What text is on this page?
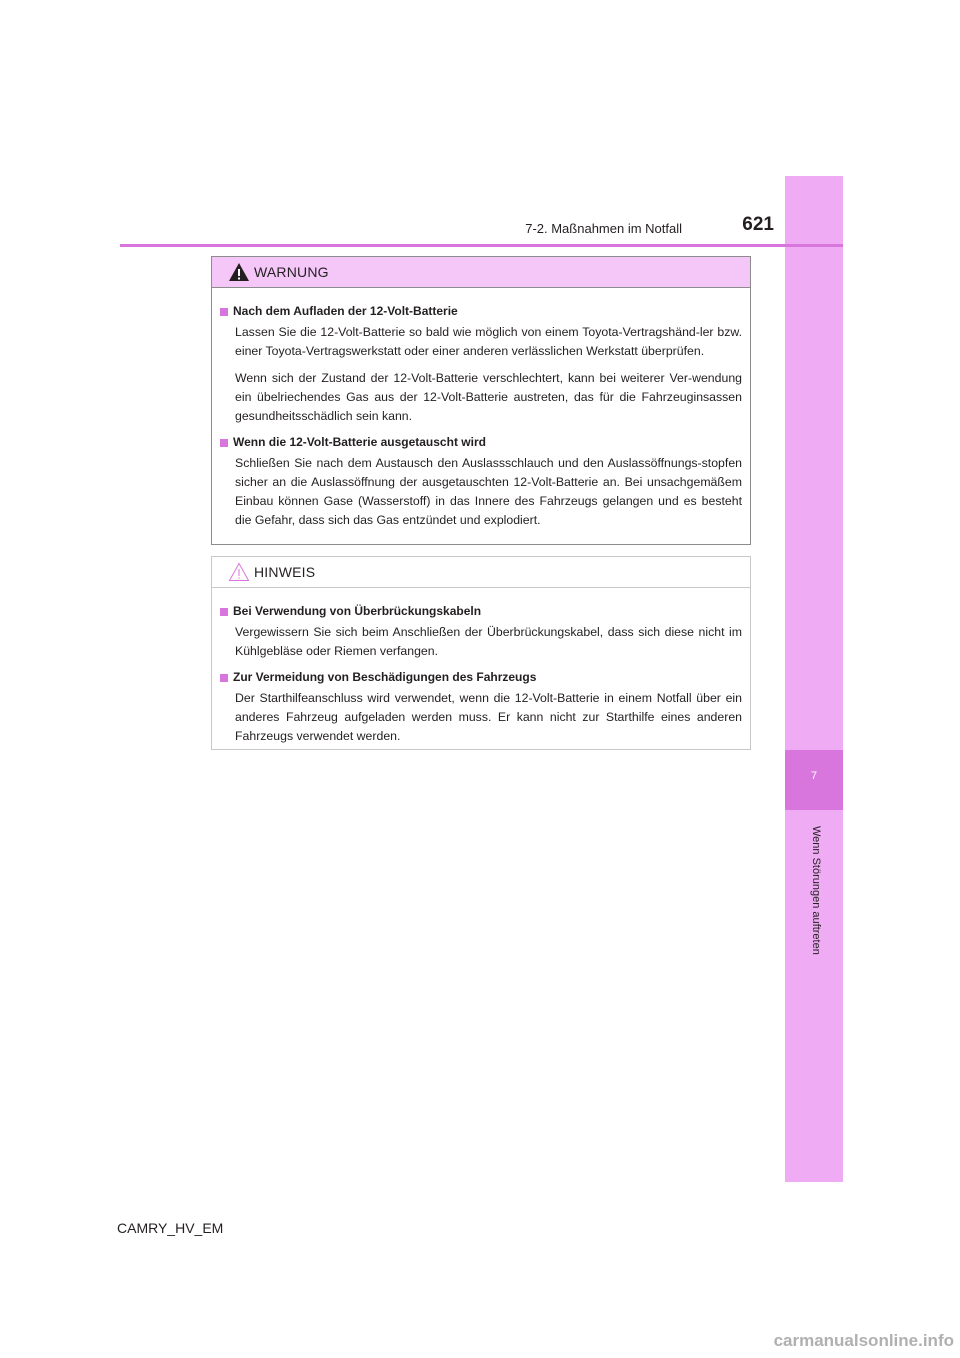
7
Wenn Störungen auftreten
7-2. Maßnahmen im Notfall	621
WARNUNG
Nach dem Aufladen der 12-Volt-Batterie

Lassen Sie die 12-Volt-Batterie so bald wie möglich von einem Toyota-Vertragshänd-ler bzw. einer Toyota-Vertragswerkstatt oder einer anderen verlässlichen Werkstatt überprüfen.

Wenn sich der Zustand der 12-Volt-Batterie verschlechtert, kann bei weiterer Ver-wendung ein übelriechendes Gas aus der 12-Volt-Batterie austreten, das für die Fahrzeuginsassen gesundheitsschädlich sein kann.

Wenn die 12-Volt-Batterie ausgetauscht wird

Schließen Sie nach dem Austausch den Auslassschlauch und den Auslassöffnungs-stopfen sicher an die Auslassöffnung der ausgetauschten 12-Volt-Batterie an. Bei unsachgemäßem Einbau können Gase (Wasserstoff) in das Innere des Fahrzeugs gelangen und es besteht die Gefahr, dass sich das Gas entzündet und explodiert.

HINWEIS
Bei Verwendung von Überbrückungskabeln

Vergewissern Sie sich beim Anschließen der Überbrückungskabel, dass sich diese nicht im Kühlgebläse oder Riemen verfangen.

Zur Vermeidung von Beschädigungen des Fahrzeugs

Der Starthilfeanschluss wird verwendet, wenn die 12-Volt-Batterie in einem Notfall über ein anderes Fahrzeug aufgeladen werden muss. Er kann nicht zur Starthilfe eines anderen Fahrzeugs verwendet werden.

CAMRY_HV_EM
carmanualsonline.info
